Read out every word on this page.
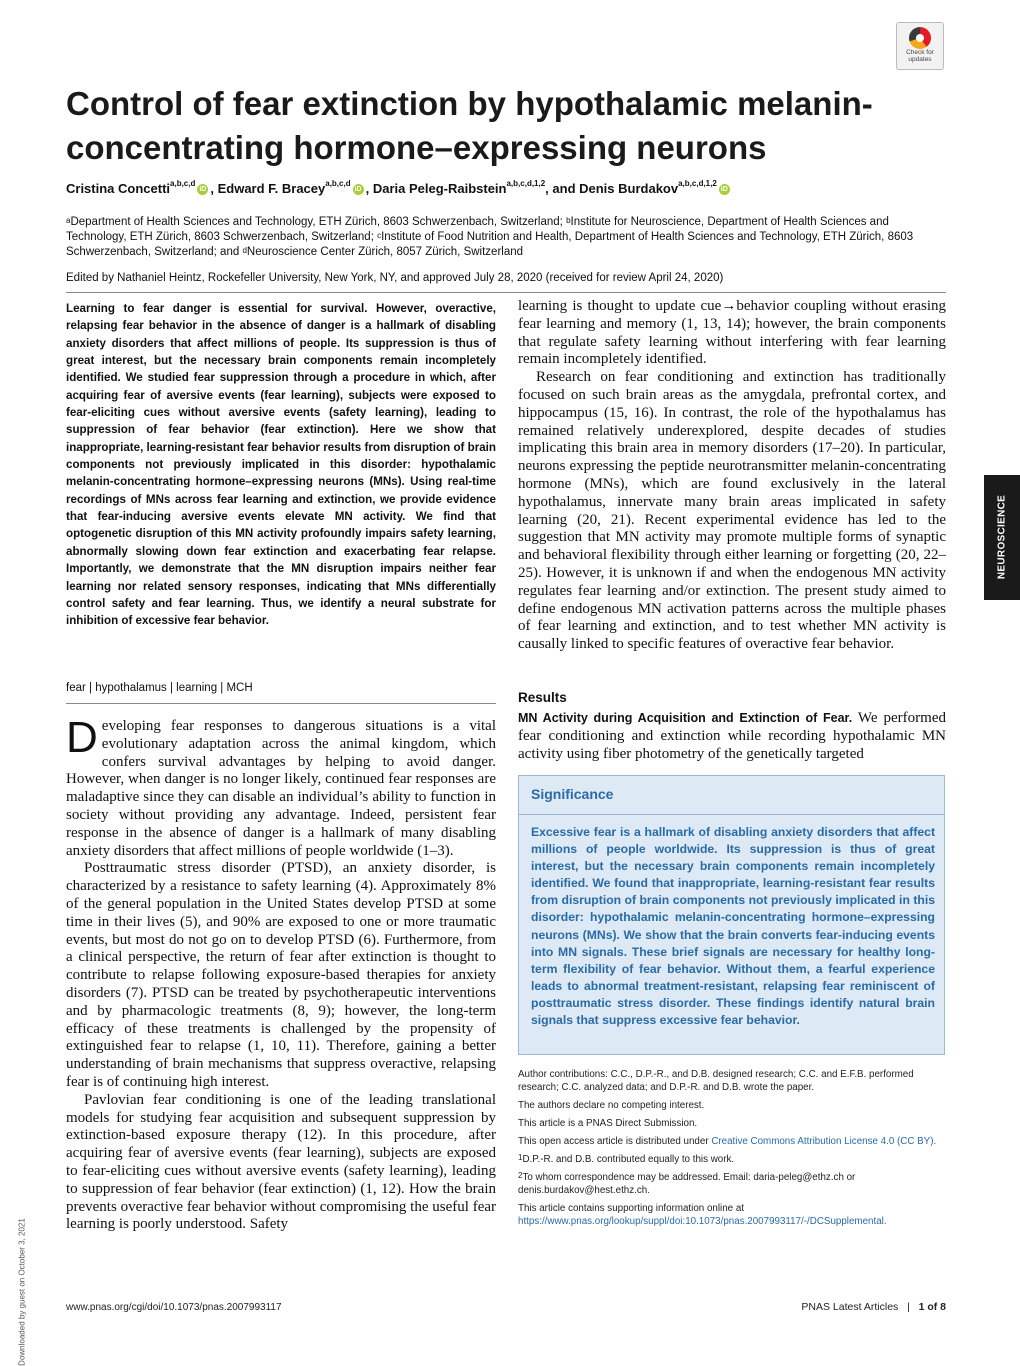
Check for
updates
Control of fear extinction by hypothalamic melanin-concentrating hormone–expressing neurons
Cristina Concetti$^{a,b,c,d}$iD , Edward F. Bracey$^{a,b,c,d}$iD , Daria Peleg-Raibstein$^{a,b,c,d,1,2}$, and Denis Burdakov$^{a,b,c,d,1,2}$iD
$^a$Department of Health Sciences and Technology, ETH Zürich, 8603 Schwerzenbach, Switzerland; $^b$Institute for Neuroscience, Department of Health Sciences and Technology, ETH Zürich, 8603 Schwerzenbach, Switzerland; $^c$Institute of Food Nutrition and Health, Department of Health Sciences and Technology, ETH Zürich, 8603 Schwerzenbach, Switzerland; and $^d$Neuroscience Center Zürich, 8057 Zürich, Switzerland
Edited by Nathaniel Heintz, Rockefeller University, New York, NY, and approved July 28, 2020 (received for review April 24, 2020)
Learning to fear danger is essential for survival. However, overactive, relapsing fear behavior in the absence of danger is a hallmark of disabling anxiety disorders that affect millions of people. Its suppression is thus of great interest, but the necessary brain components remain incompletely identified. We studied fear suppression through a procedure in which, after acquiring fear of aversive events (fear learning), subjects were exposed to fear-eliciting cues without aversive events (safety learning), leading to suppression of fear behavior (fear extinction). Here we show that inappropriate, learning-resistant fear behavior results from disruption of brain components not previously implicated in this disorder: hypothalamic melanin-concentrating hormone–expressing neurons (MNs). Using real-time recordings of MNs across fear learning and extinction, we provide evidence that fear-inducing aversive events elevate MN activity. We find that optogenetic disruption of this MN activity profoundly impairs safety learning, abnormally slowing down fear extinction and exacerbating fear relapse. Importantly, we demonstrate that the MN disruption impairs neither fear learning nor related sensory responses, indicating that MNs differentially control safety and fear learning. Thus, we identify a neural substrate for inhibition of excessive fear behavior.
fear | hypothalamus | learning | MCH

Developing fear responses to dangerous situations is a vital evolutionary adaptation across the animal kingdom, which confers survival advantages by helping to avoid danger. However, when danger is no longer likely, continued fear responses are maladaptive since they can disable an individual’s ability to function in society without providing any advantage. Indeed, persistent fear response in the absence of danger is a hallmark of many disabling anxiety disorders that affect millions of people worldwide (1–3).

Posttraumatic stress disorder (PTSD), an anxiety disorder, is characterized by a resistance to safety learning (4). Approximately 8% of the general population in the United States develop PTSD at some time in their lives (5), and 90% are exposed to one or more traumatic events, but most do not go on to develop PTSD (6). Furthermore, from a clinical perspective, the return of fear after extinction is thought to contribute to relapse following exposure-based therapies for anxiety disorders (7). PTSD can be treated by psychotherapeutic interventions and by pharmacologic treatments (8, 9); however, the long-term efficacy of these treatments is challenged by the propensity of extinguished fear to relapse (1, 10, 11). Therefore, gaining a better understanding of brain mechanisms that suppress overactive, relapsing fear is of continuing high interest.

Pavlovian fear conditioning is one of the leading translational models for studying fear acquisition and subsequent suppression by extinction-based exposure therapy (12). In this procedure, after acquiring fear of aversive events (fear learning), subjects are exposed to fear-eliciting cues without aversive events (safety learning), leading to suppression of fear behavior (fear extinction) (1, 12). How the brain prevents overactive fear behavior without compromising the useful fear learning is poorly understood. Safety

learning is thought to update cue→behavior coupling without erasing fear learning and memory (1, 13, 14); however, the brain components that regulate safety learning without interfering with fear learning remain incompletely identified.

Research on fear conditioning and extinction has traditionally focused on such brain areas as the amygdala, prefrontal cortex, and hippocampus (15, 16). In contrast, the role of the hypothalamus has remained relatively underexplored, despite decades of studies implicating this brain area in memory disorders (17–20). In particular, neurons expressing the peptide neurotransmitter melanin-concentrating hormone (MNs), which are found exclusively in the lateral hypothalamus, innervate many brain areas implicated in safety learning (20, 21). Recent experimental evidence has led to the suggestion that MN activity may promote multiple forms of synaptic and behavioral flexibility through either learning or forgetting (20, 22–25). However, it is unknown if and when the endogenous MN activity regulates fear learning and/or extinction. The present study aimed to define endogenous MN activation patterns across the multiple phases of fear learning and extinction, and to test whether MN activity is causally linked to specific features of overactive fear behavior.

Results

MN Activity during Acquisition and Extinction of Fear. We performed fear conditioning and extinction while recording hypothalamic MN activity using fiber photometry of the genetically targeted

Significance
Excessive fear is a hallmark of disabling anxiety disorders that affect millions of people worldwide. Its suppression is thus of great interest, but the necessary brain components remain incompletely identified. We found that inappropriate, learning-resistant fear results from disruption of brain components not previously implicated in this disorder: hypothalamic melanin-concentrating hormone–expressing neurons (MNs). We show that the brain converts fear-inducing events into MN signals. These brief signals are necessary for healthy long-term flexibility of fear behavior. Without them, a fearful experience leads to abnormal treatment-resistant, relapsing fear reminiscent of posttraumatic stress disorder. These findings identify natural brain signals that suppress excessive fear behavior.

Author contributions: C.C., D.P.-R., and D.B. designed research; C.C. and E.F.B. performed research; C.C. analyzed data; and D.P.-R. and D.B. wrote the paper.

The authors declare no competing interest.

This article is a PNAS Direct Submission.

This open access article is distributed under Creative Commons Attribution License 4.0 (CC BY).

$^1$D.P.-R. and D.B. contributed equally to this work.

$^2$To whom correspondence may be addressed. Email: daria-peleg@ethz.ch or denis.burdakov@hest.ethz.ch.

This article contains supporting information online at https://www.pnas.org/lookup/suppl/doi:10.1073/pnas.2007993117/-/DCSupplemental.

NEUROSCIENCE
Downloaded by guest on October 3, 2021	www.pnas.org/cgi/doi/10.1073/pnas.2007993117	PNAS Latest Articles | 1 of 8
